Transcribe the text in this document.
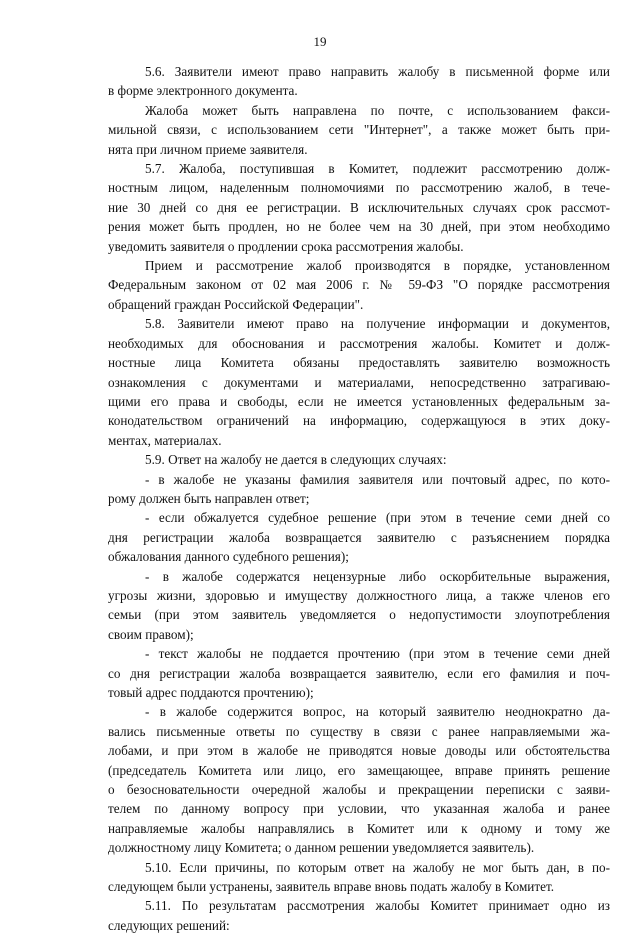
19
5.6. Заявители имеют право направить жалобу в письменной форме или
в форме электронного документа.
Жалоба может быть направлена по почте, с использованием факси-
мильной связи, с использованием сети "Интернет", а также может быть при-
нята при личном приеме заявителя.
5.7. Жалоба, поступившая в Комитет, подлежит рассмотрению долж-
ностным лицом, наделенным полномочиями по рассмотрению жалоб, в тече-
ние 30 дней со дня ее регистрации. В исключительных случаях срок рассмот-
рения может быть продлен, но не более чем на 30 дней, при этом необходимо
уведомить заявителя о продлении срока рассмотрения жалобы.
Прием и рассмотрение жалоб производятся в порядке, установленном
Федеральным законом от 02 мая 2006 г. № 59-ФЗ "О порядке рассмотрения
обращений граждан Российской Федерации".
5.8. Заявители имеют право на получение информации и документов,
необходимых для обоснования и рассмотрения жалобы. Комитет и долж-
ностные лица Комитета обязаны предоставлять заявителю возможность
ознакомления с документами и материалами, непосредственно затрагиваю-
щими его права и свободы, если не имеется установленных федеральным за-
конодательством ограничений на информацию, содержащуюся в этих доку-
ментах, материалах.
5.9. Ответ на жалобу не дается в следующих случаях:
- в жалобе не указаны фамилия заявителя или почтовый адрес, по кото-
рому должен быть направлен ответ;
- если обжалуется судебное решение (при этом в течение семи дней со
дня регистрации жалоба возвращается заявителю с разъяснением порядка
обжалования данного судебного решения);
- в жалобе содержатся нецензурные либо оскорбительные выражения,
угрозы жизни, здоровью и имуществу должностного лица, а также членов его
семьи (при этом заявитель уведомляется о недопустимости злоупотребления
своим правом);
- текст жалобы не поддается прочтению (при этом в течение семи дней
со дня регистрации жалоба возвращается заявителю, если его фамилия и поч-
товый адрес поддаются прочтению);
- в жалобе содержится вопрос, на который заявителю неоднократно да-
вались письменные ответы по существу в связи с ранее направляемыми жа-
лобами, и при этом в жалобе не приводятся новые доводы или обстоятельства
(председатель Комитета или лицо, его замещающее, вправе принять решение
о безосновательности очередной жалобы и прекращении переписки с заяви-
телем по данному вопросу при условии, что указанная жалоба и ранее
направляемые жалобы направлялись в Комитет или к одному и тому же
должностному лицу Комитета; о данном решении уведомляется заявитель).
5.10. Если причины, по которым ответ на жалобу не мог быть дан, в по-
следующем были устранены, заявитель вправе вновь подать жалобу в Комитет.
5.11. По результатам рассмотрения жалобы Комитет принимает одно из
следующих решений:
